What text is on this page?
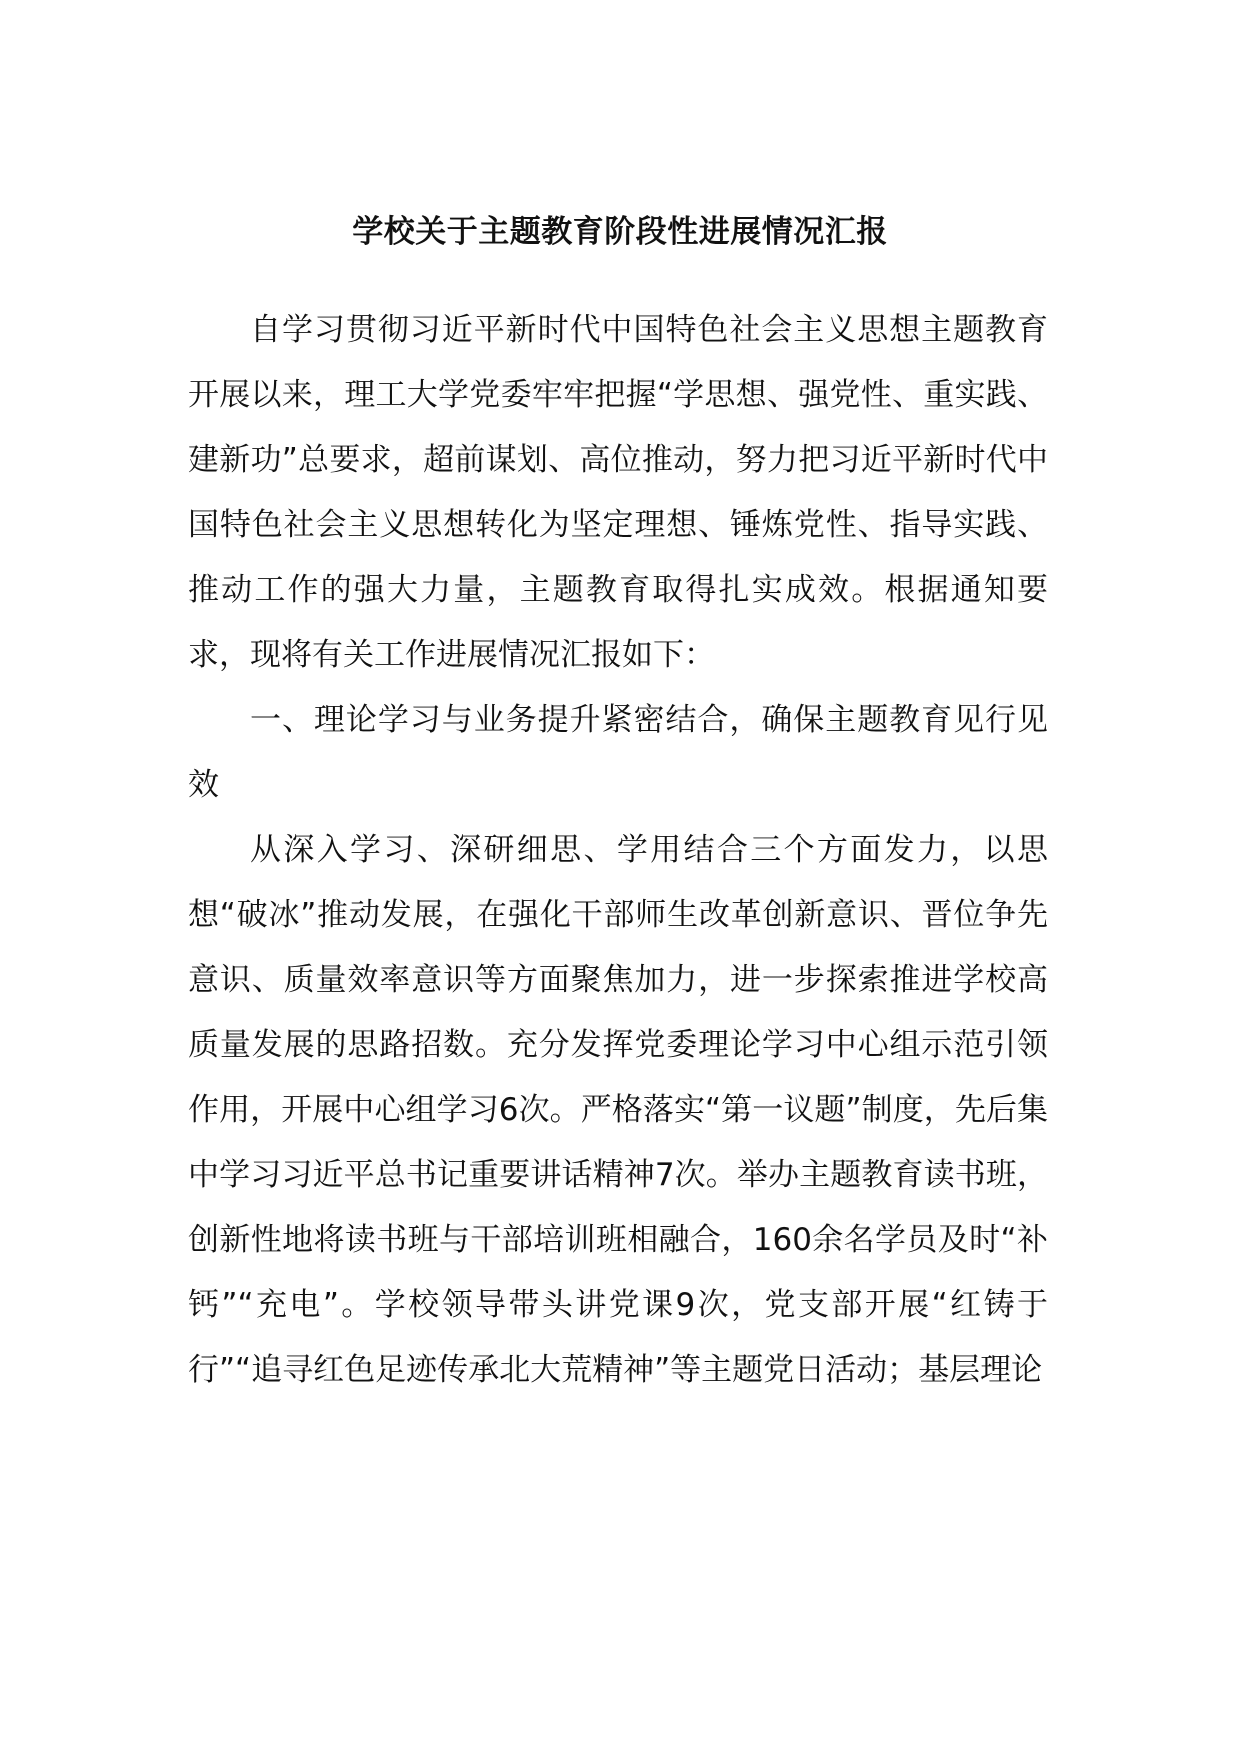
学校关于主题教育阶段性进展情况汇报

自学习贯彻习近平新时代中国特色社会主义思想主题教育开展以来，理工大学党委牢牢把握“学思想、强党性、重实践、建新功”总要求，超前谋划、高位推动，努力把习近平新时代中国特色社会主义思想转化为坚定理想、锤炼党性、指导实践、推动工作的强大力量，主题教育取得扎实成效。根据通知要求，现将有关工作进展情况汇报如下：

一、理论学习与业务提升紧密结合，确保主题教育见行见效

从深入学习、深研细思、学用结合三个方面发力，以思想“破冰”推动发展，在强化干部师生改革创新意识、晋位争先意识、质量效率意识等方面聚焦加力，进一步探索推进学校高质量发展的思路招数。充分发挥党委理论学习中心组示范引领作用，开展中心组学习6次。严格落实“第一议题”制度，先后集中学习习近平总书记重要讲话精神7次。举办主题教育读书班，创新性地将读书班与干部培训班相融合，160余名学员及时“补钙”“充电”。学校领导带头讲党课9次，党支部开展“红铸于行”“追寻红色足迹传承北大荒精神”等主题党日活动；基层理论
